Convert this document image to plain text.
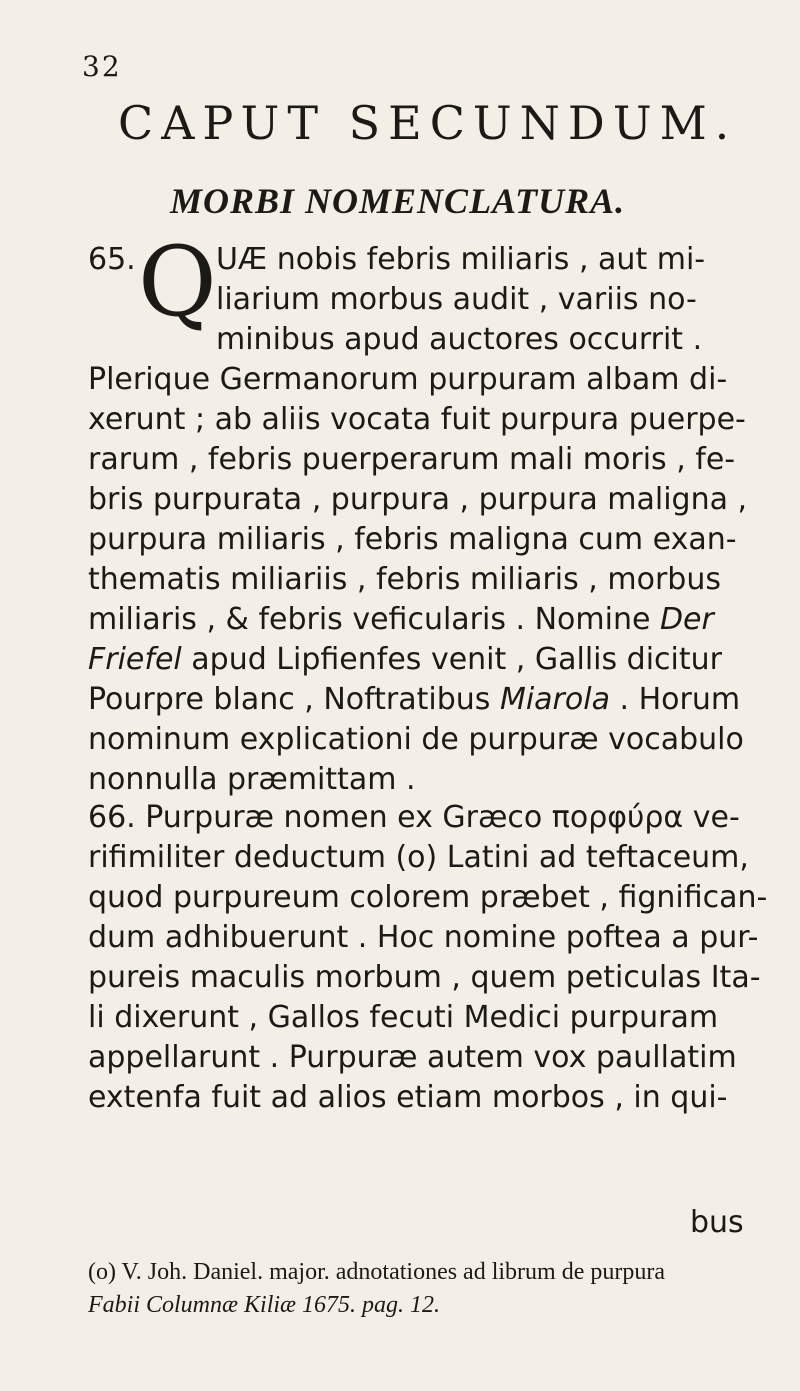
32
CAPUT SECUNDUM.
MORBI NOMENCLATURA.
65. Q UÆ nobis febris miliaris , aut mi-
liarium morbus audit , variis no-
minibus apud auctores occurrit .
Plerique Germanorum purpuram albam di-
xerunt ; ab aliis vocata fuit purpura puerpe-
rarum , febris puerperarum mali moris , fe-
bris purpurata , purpura , purpura maligna ,
purpura miliaris , febris maligna cum exan-
thematis miliariis , febris miliaris , morbus
miliaris , & febris veficularis . Nomine Der
Friefel apud Lipfienfes venit , Gallis dicitur
Pourpre blanc , Noftratibus Miarola . Horum
nominum explicationi de purpuræ vocabulo
nonnulla præmittam .
66. Purpuræ nomen ex Græco πορφύρα ve-
rifimiliter deductum (o) Latini ad teftaceum,
quod purpureum colorem præbet , fignifican-
dum adhibuerunt . Hoc nomine poftea a pur-
pureis maculis morbum , quem peticulas Ita-
li dixerunt , Gallos fecuti Medici purpuram
appellarunt . Purpuræ autem vox paullatim
extenfa fuit ad alios etiam morbos , in qui-
bus
(o) V. Joh. Daniel. major. adnotationes ad librum de purpura
Fabii Columnæ Kiliæ 1675. pag. 12.
